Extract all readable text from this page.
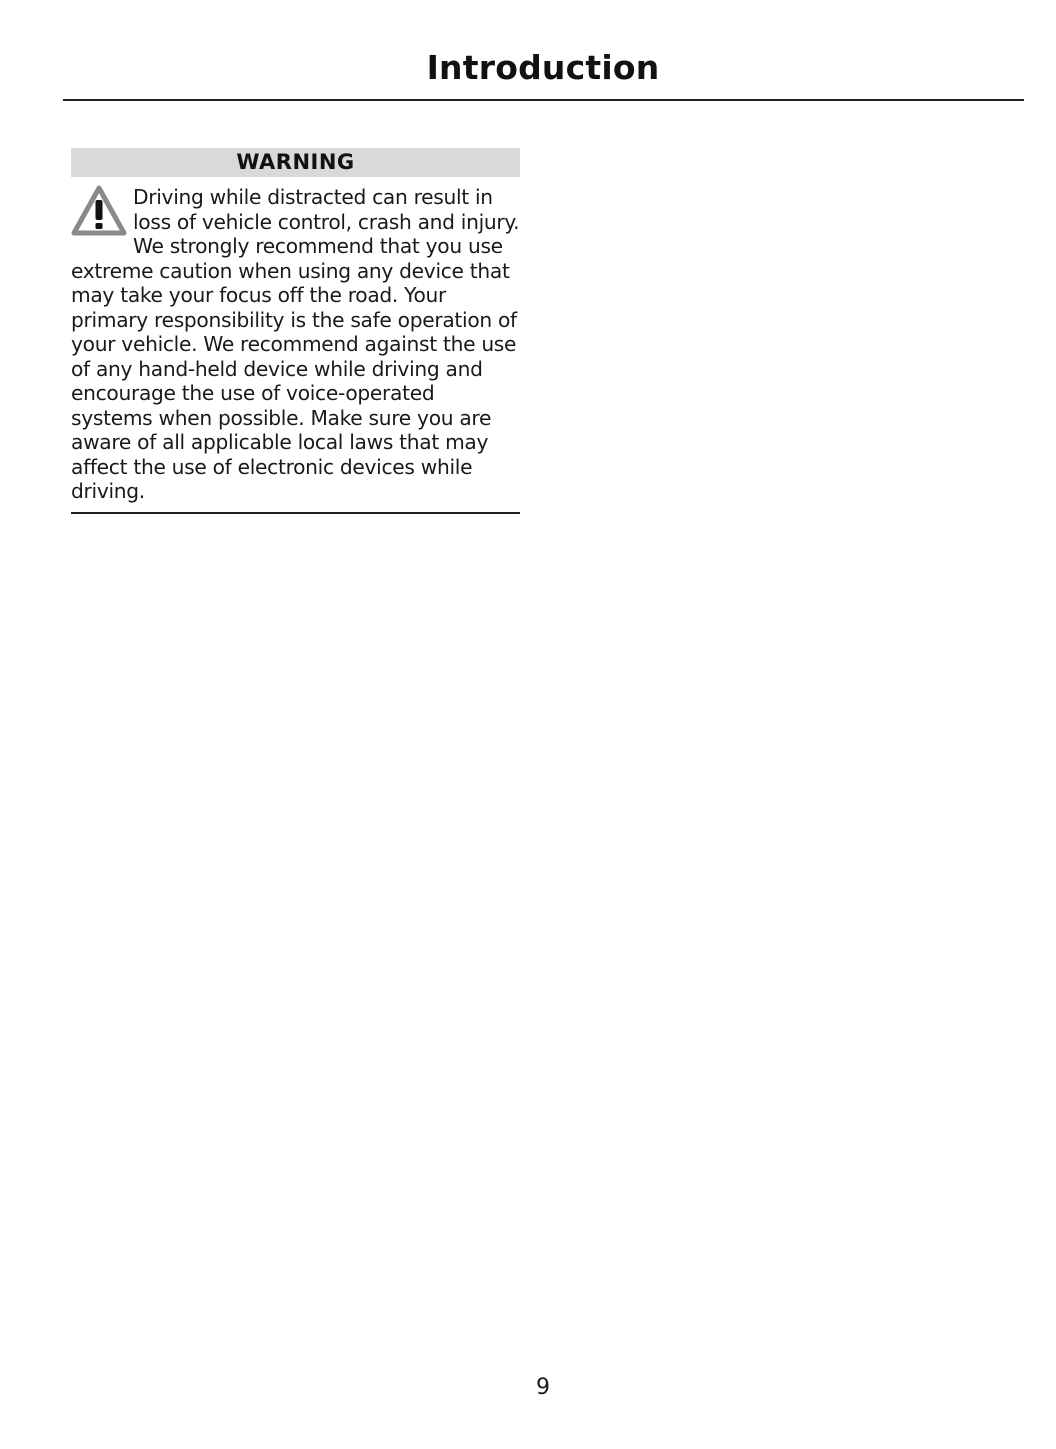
Introduction
WARNING
Driving while distracted can result in loss of vehicle control, crash and injury. We strongly recommend that you use extreme caution when using any device that may take your focus off the road. Your primary responsibility is the safe operation of your vehicle. We recommend against the use of any hand-held device while driving and encourage the use of voice-operated systems when possible. Make sure you are aware of all applicable local laws that may affect the use of electronic devices while driving.
9
